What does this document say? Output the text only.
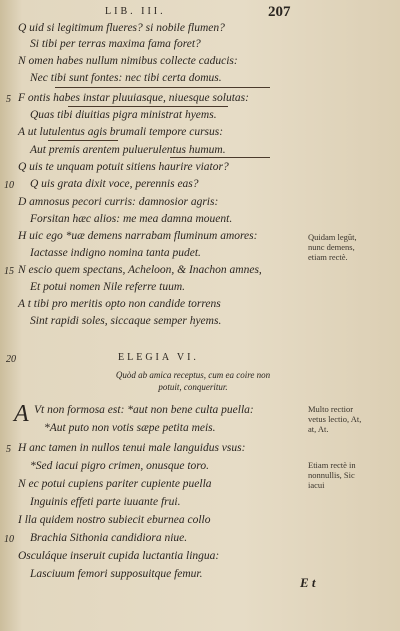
LIB. III.	207
Q uid si legitimum flueres? si nobile flumen?
Si tibi per terras maxima fama foret?
N omen habes nullum nimibus collecte caducis:
Nec tibi sunt fontes: nec tibi certa domus.
5 F ontis habes instar pluuiasque, niuesque solutas:
Quas tibi diuitias pigra ministrat hyems.
A ut lutulentus agis brumali tempore cursus:
Aut premis arentem puluerulentus humum.
Q uis te unquam potuit sitiens haurire viator?
10 Q uis grata dixit voce, perennis eas?
D amnosus pecori curris: damnosior agris:
Forsitan hæc alios: me mea damna mouent.
H uic ego *uæ demens narrabam fluminum amores:
Iactasse indigno nomina tanta pudet.
15 N escio quem spectans, Acheloon, & Inachon amnes,
Et potui nomen Nile referre tuum.
A t tibi pro meritis opto non candide torrens
Sint rapidi soles, siccaque semper hyems.
Quidam legũt,
nunc demens,
etiam rectè.
20	ELEGIA VI.
Quòd ab amica receptus, cum ea coire non
potuit, conqueritur.
A Vt non formosa est: *aut non bene culta puella:
*Aut puto non votis sæpe petita meis.
5 H anc tamen in nullos tenui male languidus vsus:
*Sed iacui pigro crimen, onusque toro.
N ec potui cupiens pariter cupiente puella
Inguinis effeti parte iuuante frui.
I lla quidem nostro subiecit eburnea collo
10 Brachia Sithonia candidiora niue.
Osculáque inseruit cupida luctantia lingua:
Lasciuum femori supposuitque femur.
Multo rectior
vetus lectio, At,
at, At.
Etiam rectè in
nonnullis, Sic
iacui
E t
